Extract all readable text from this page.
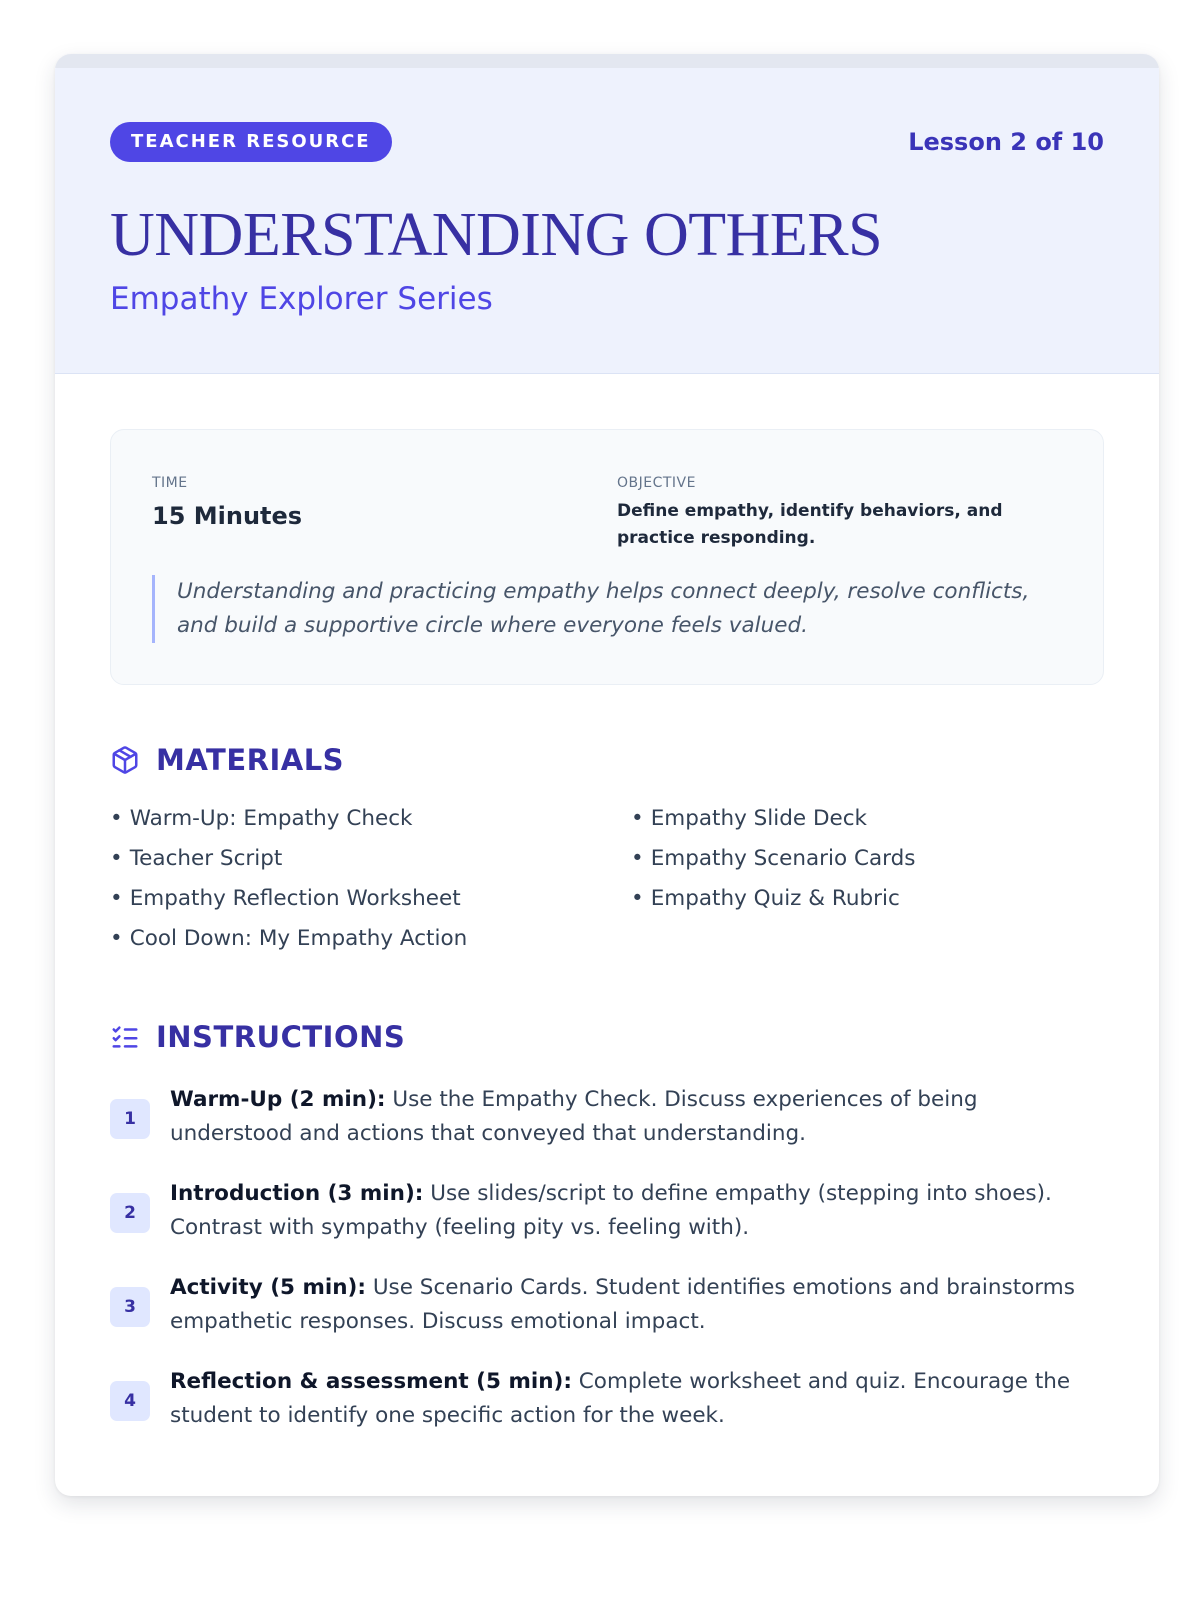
TEACHER RESOURCE	Lesson 2 of 10
UNDERSTANDING OTHERS
Empathy Explorer Series
TIME
15 Minutes
OBJECTIVE
Define empathy, identify behaviors, and practice responding.
Understanding and practicing empathy helps connect deeply, resolve conflicts, and build a supportive circle where everyone feels valued.
MATERIALS
• Warm-Up: Empathy Check
• Teacher Script
• Empathy Reflection Worksheet
• Cool Down: My Empathy Action
• Empathy Slide Deck
• Empathy Scenario Cards
• Empathy Quiz & Rubric
INSTRUCTIONS
1
Warm-Up (2 min): Use the Empathy Check. Discuss experiences of being understood and actions that conveyed that understanding.
2
Introduction (3 min): Use slides/script to define empathy (stepping into shoes). Contrast with sympathy (feeling pity vs. feeling with).
3
Activity (5 min): Use Scenario Cards. Student identifies emotions and brainstorms empathetic responses. Discuss emotional impact.
4
Reflection & assessment (5 min): Complete worksheet and quiz. Encourage the student to identify one specific action for the week.
